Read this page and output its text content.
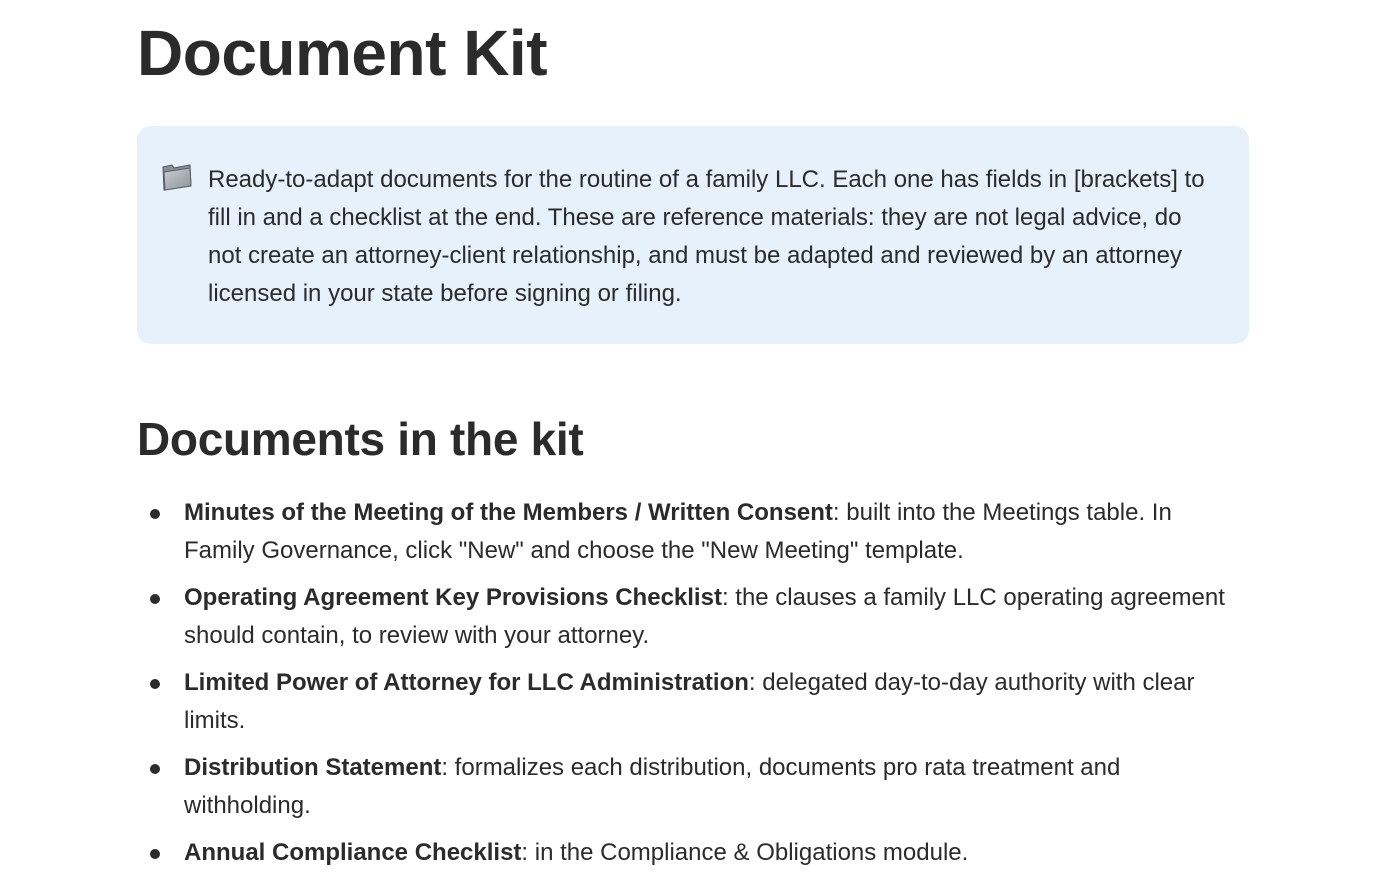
Document Kit
Ready-to-adapt documents for the routine of a family LLC. Each one has fields in [brackets] to fill in and a checklist at the end. These are reference materials: they are not legal advice, do not create an attorney-client relationship, and must be adapted and reviewed by an attorney licensed in your state before signing or filing.
Documents in the kit
Minutes of the Meeting of the Members / Written Consent: built into the Meetings table. In Family Governance, click "New" and choose the "New Meeting" template.
Operating Agreement Key Provisions Checklist: the clauses a family LLC operating agreement should contain, to review with your attorney.
Limited Power of Attorney for LLC Administration: delegated day-to-day authority with clear limits.
Distribution Statement: formalizes each distribution, documents pro rata treatment and withholding.
Annual Compliance Checklist: in the Compliance & Obligations module.
